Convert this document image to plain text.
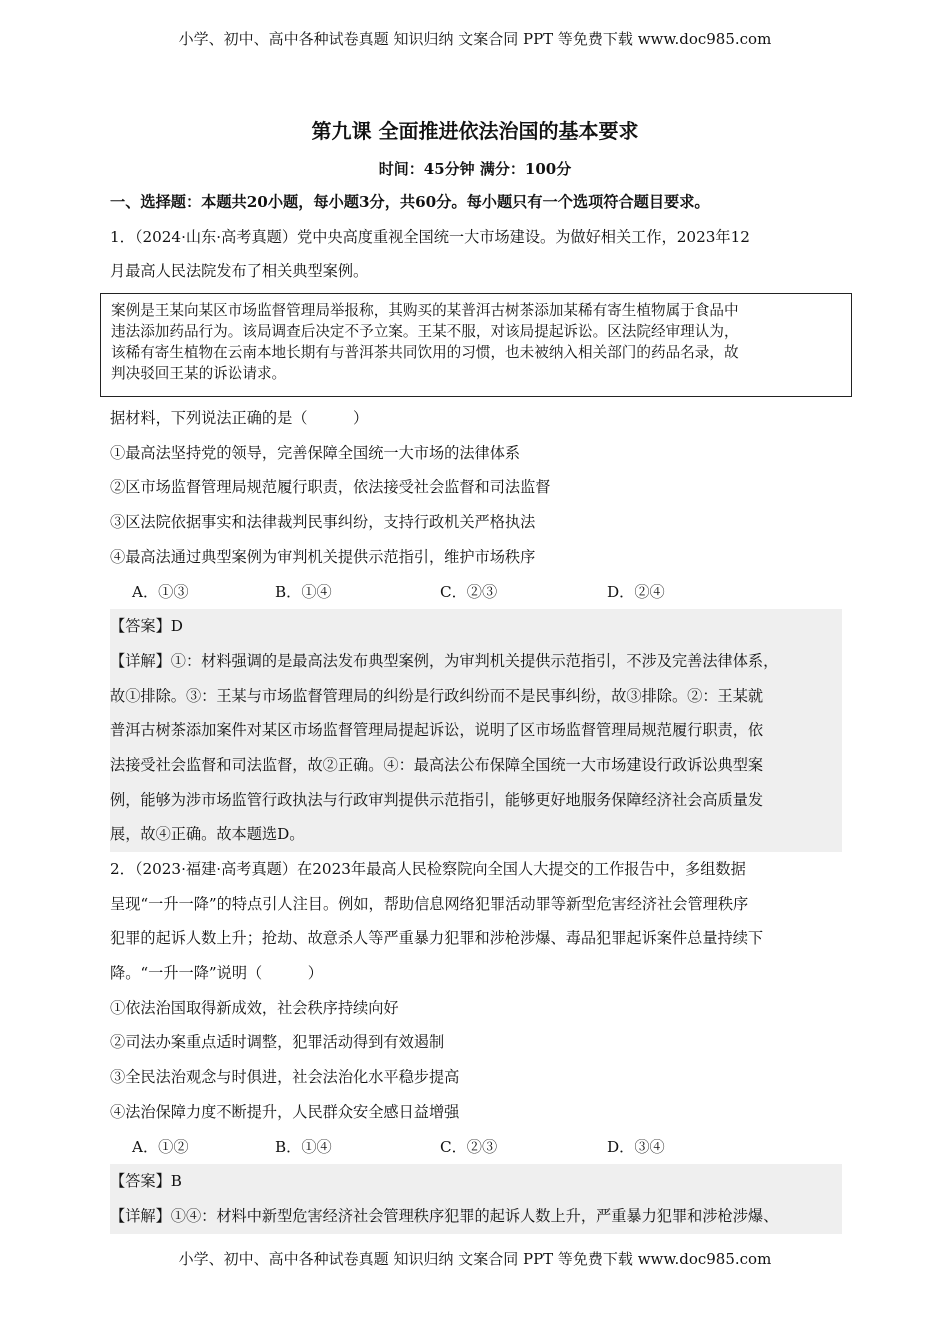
小学、初中、高中各种试卷真题 知识归纳 文案合同 PPT 等免费下载 www.doc985.com
第九课 全面推进依法治国的基本要求
时间：45分钟 满分：100分
一、选择题：本题共20小题，每小题3分，共60分。每小题只有一个选项符合题目要求。
1．（2024·山东·高考真题）党中央高度重视全国统一大市场建设。为做好相关工作，2023年12
月最高人民法院发布了相关典型案例。
案例是王某向某区市场监督管理局举报称，其购买的某普洱古树茶添加某稀有寄生植物属于食品中
违法添加药品行为。该局调查后决定不予立案。王某不服，对该局提起诉讼。区法院经审理认为，
该稀有寄生植物在云南本地长期有与普洱茶共同饮用的习惯，也未被纳入相关部门的药品名录，故
判决驳回王某的诉讼请求。
据材料，下列说法正确的是（　　　）
①最高法坚持党的领导，完善保障全国统一大市场的法律体系
②区市场监督管理局规范履行职责，依法接受社会监督和司法监督
③区法院依据事实和法律裁判民事纠纷，支持行政机关严格执法
④最高法通过典型案例为审判机关提供示范指引，维护市场秩序
A．①③	B．①④	C．②③	D．②④
【答案】D
【详解】①：材料强调的是最高法发布典型案例，为审判机关提供示范指引，不涉及完善法律体系，
故①排除。③：王某与市场监督管理局的纠纷是行政纠纷而不是民事纠纷，故③排除。②：王某就
普洱古树茶添加案件对某区市场监督管理局提起诉讼，说明了区市场监督管理局规范履行职责，依
法接受社会监督和司法监督，故②正确。④：最高法公布保障全国统一大市场建设行政诉讼典型案
例，能够为涉市场监管行政执法与行政审判提供示范指引，能够更好地服务保障经济社会高质量发
展，故④正确。故本题选D。
2．（2023·福建·高考真题）在2023年最高人民检察院向全国人大提交的工作报告中，多组数据
呈现“一升一降”的特点引人注目。例如，帮助信息网络犯罪活动罪等新型危害经济社会管理秩序
犯罪的起诉人数上升；抢劫、故意杀人等严重暴力犯罪和涉枪涉爆、毒品犯罪起诉案件总量持续下
降。“一升一降”说明（　　　）
①依法治国取得新成效，社会秩序持续向好
②司法办案重点适时调整，犯罪活动得到有效遏制
③全民法治观念与时俱进，社会法治化水平稳步提高
④法治保障力度不断提升，人民群众安全感日益增强
A．①②	B．①④	C．②③	D．③④
【答案】B
【详解】①④：材料中新型危害经济社会管理秩序犯罪的起诉人数上升，严重暴力犯罪和涉枪涉爆、
小学、初中、高中各种试卷真题 知识归纳 文案合同 PPT 等免费下载 www.doc985.com
